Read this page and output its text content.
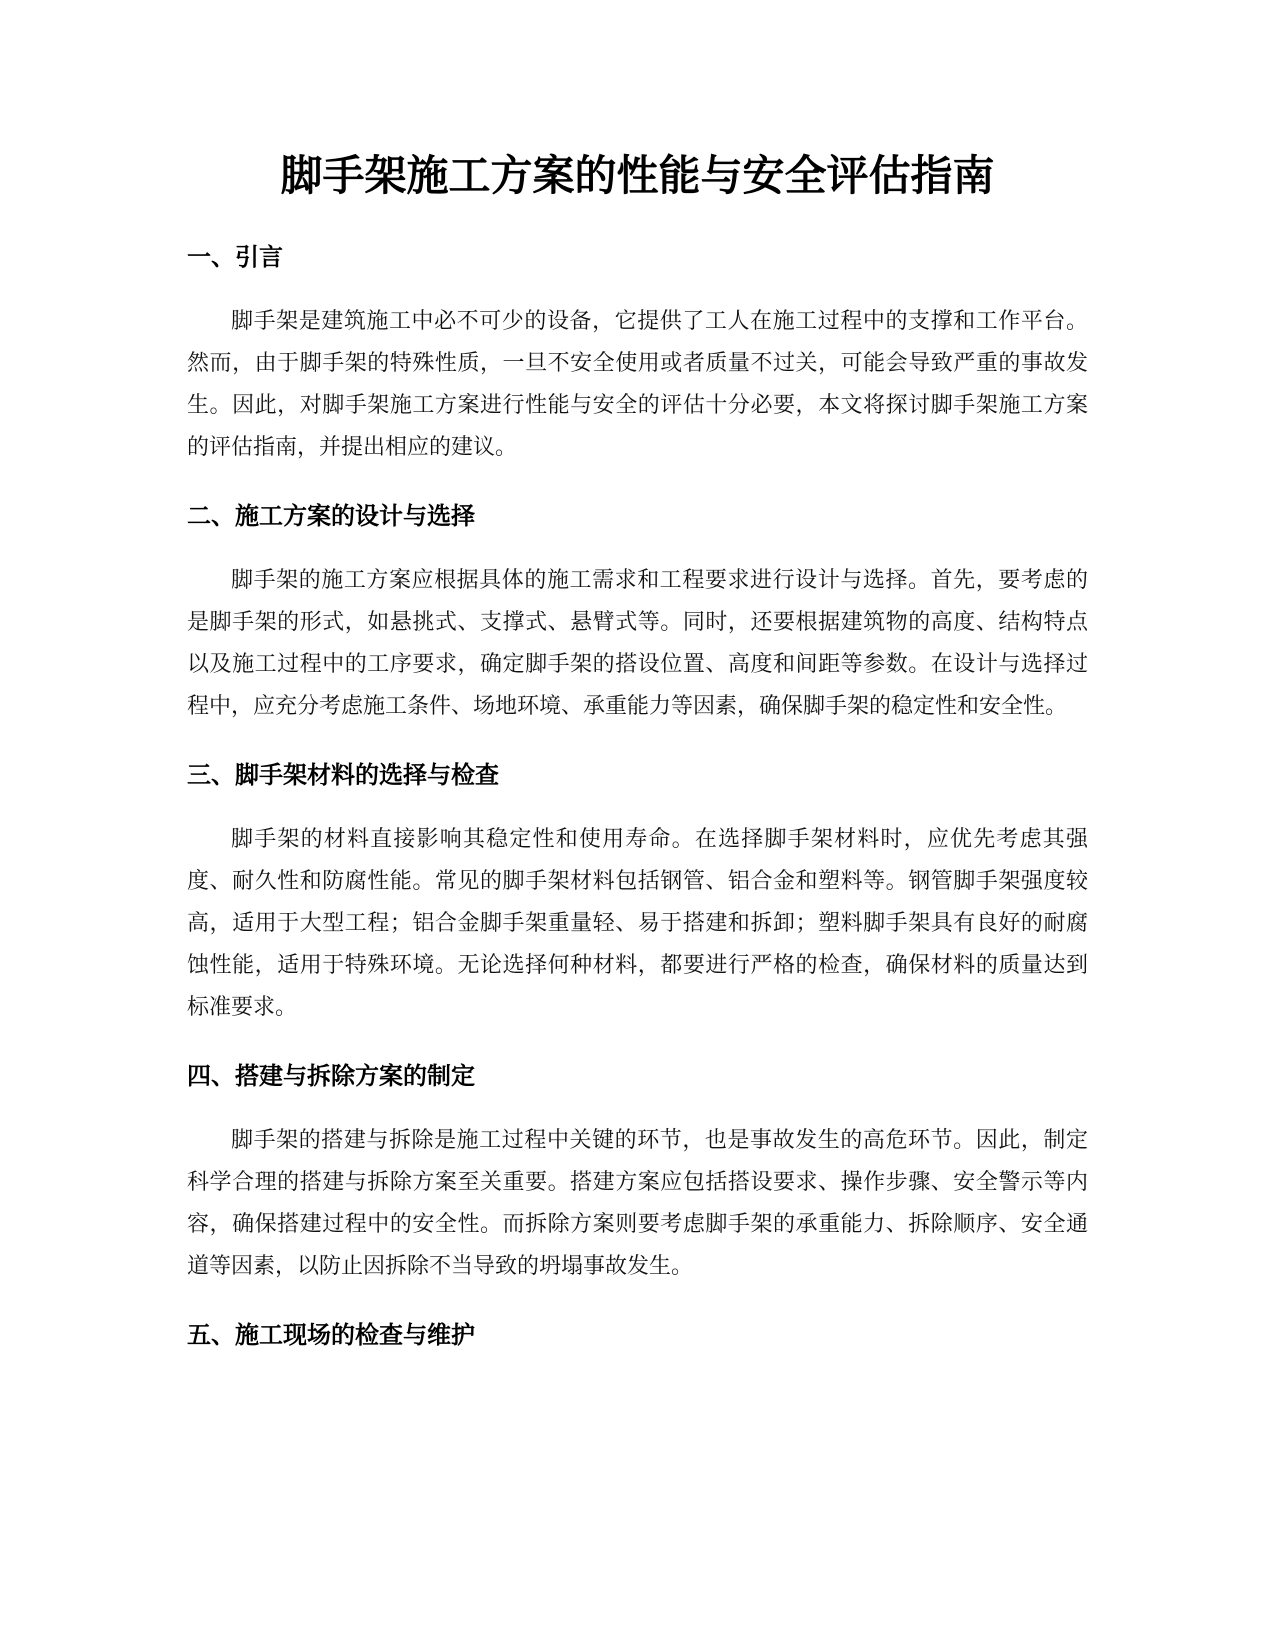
脚手架施工方案的性能与安全评估指南
一、引言

脚手架是建筑施工中必不可少的设备，它提供了工人在施工过程中的支撑和工作平台。然而，由于脚手架的特殊性质，一旦不安全使用或者质量不过关，可能会导致严重的事故发生。因此，对脚手架施工方案进行性能与安全的评估十分必要，本文将探讨脚手架施工方案的评估指南，并提出相应的建议。

二、施工方案的设计与选择

脚手架的施工方案应根据具体的施工需求和工程要求进行设计与选择。首先，要考虑的是脚手架的形式，如悬挑式、支撑式、悬臂式等。同时，还要根据建筑物的高度、结构特点以及施工过程中的工序要求，确定脚手架的搭设位置、高度和间距等参数。在设计与选择过程中，应充分考虑施工条件、场地环境、承重能力等因素，确保脚手架的稳定性和安全性。

三、脚手架材料的选择与检查

脚手架的材料直接影响其稳定性和使用寿命。在选择脚手架材料时，应优先考虑其强度、耐久性和防腐性能。常见的脚手架材料包括钢管、铝合金和塑料等。钢管脚手架强度较高，适用于大型工程；铝合金脚手架重量轻、易于搭建和拆卸；塑料脚手架具有良好的耐腐蚀性能，适用于特殊环境。无论选择何种材料，都要进行严格的检查，确保材料的质量达到标准要求。

四、搭建与拆除方案的制定

脚手架的搭建与拆除是施工过程中关键的环节，也是事故发生的高危环节。因此，制定科学合理的搭建与拆除方案至关重要。搭建方案应包括搭设要求、操作步骤、安全警示等内容，确保搭建过程中的安全性。而拆除方案则要考虑脚手架的承重能力、拆除顺序、安全通道等因素，以防止因拆除不当导致的坍塌事故发生。

五、施工现场的检查与维护
